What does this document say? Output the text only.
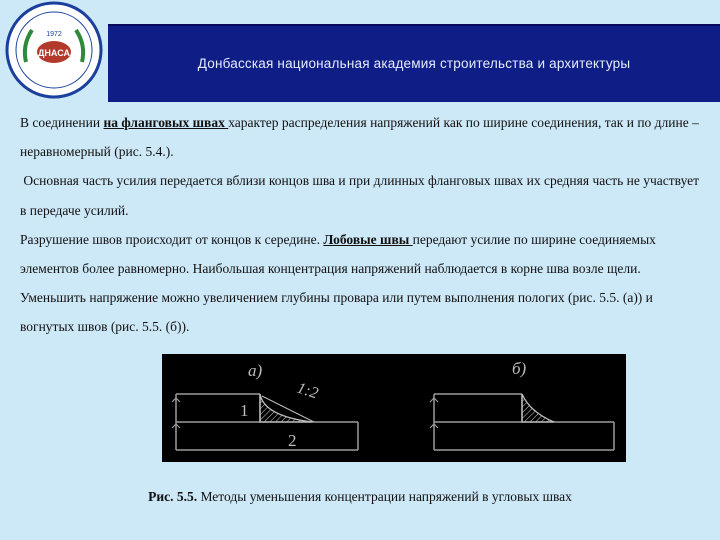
ДНАСА
1972
Донбасская национальная академия строительства и архитектуры

В соединении на фланговых швах характер распределения напряжений как по ширине соединения, так и по длине – неравномерный (рис. 5.4.).

Основная часть усилия передается вблизи концов шва и при длинных фланговых швах их средняя часть не участвует в передаче усилий.

Разрушение швов происходит от концов к середине. Лобовые швы передают усилие по ширине соединяемых элементов более равномерно. Наибольшая концентрация напряжений наблюдается в корне шва возле щели. Уменьшить напряжение можно увеличением глубины провара или путем выполнения пологих (рис. 5.5. (а)) и вогнутых швов (рис. 5.5. (б)).

а)
1:2
1
2
б)
Рис. 5.5. Методы уменьшения концентрации напряжений в угловых швах
